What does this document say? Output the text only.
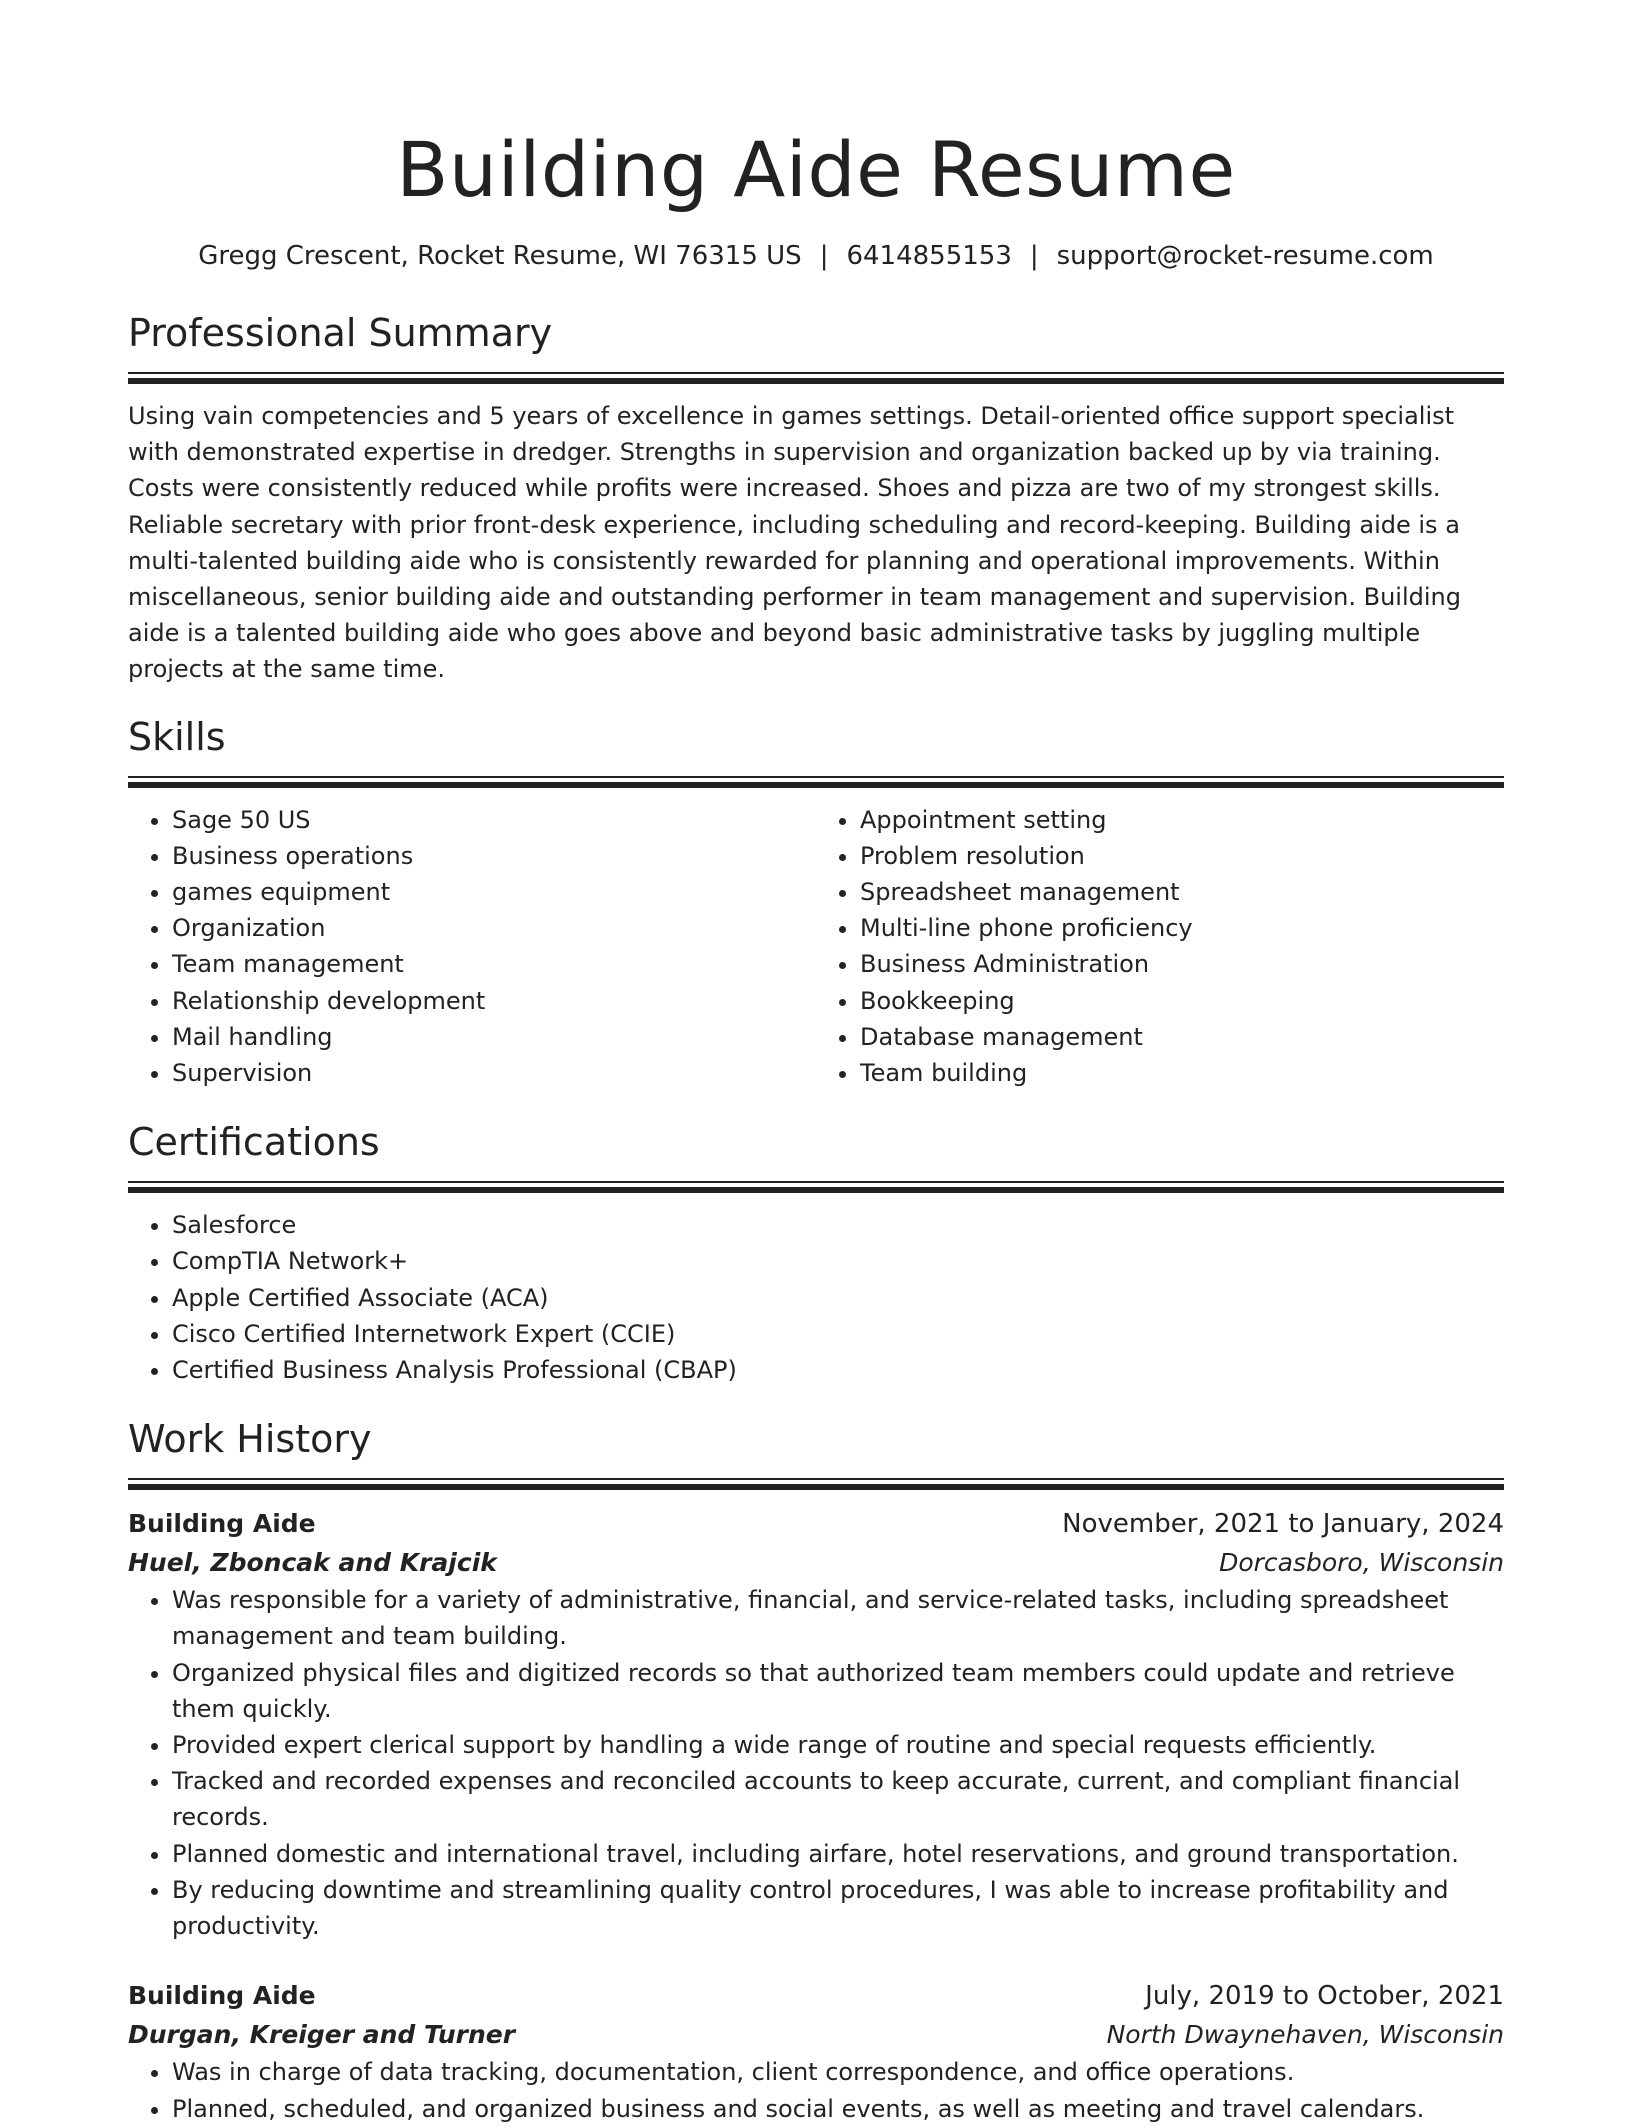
Building Aide Resume
Gregg Crescent, Rocket Resume, WI 76315 US | 6414855153 | support@rocket-resume.com
Professional Summary

Using vain competencies and 5 years of excellence in games settings. Detail-oriented office support specialist with demonstrated expertise in dredger. Strengths in supervision and organization backed up by via training. Costs were consistently reduced while profits were increased. Shoes and pizza are two of my strongest skills. Reliable secretary with prior front-desk experience, including scheduling and record-keeping. Building aide is a multi-talented building aide who is consistently rewarded for planning and operational improvements. Within miscellaneous, senior building aide and outstanding performer in team management and supervision. Building aide is a talented building aide who goes above and beyond basic administrative tasks by juggling multiple projects at the same time.

Skills
• Sage 50 US
• Business operations
• games equipment
• Organization
• Team management
• Relationship development
• Mail handling
• Supervision
• Appointment setting
• Problem resolution
• Spreadsheet management
• Multi-line phone proficiency
• Business Administration
• Bookkeeping
• Database management
• Team building
Certifications
• Salesforce
• CompTIA Network+
• Apple Certified Associate (ACA)
• Cisco Certified Internetwork Expert (CCIE)
• Certified Business Analysis Professional (CBAP)
Work History
Building Aide	November, 2021 to January, 2024
Huel, Zboncak and Krajcik	Dorcasboro, Wisconsin
• Was responsible for a variety of administrative, financial, and service-related tasks, including spreadsheet management and team building.
• Organized physical files and digitized records so that authorized team members could update and retrieve them quickly.
• Provided expert clerical support by handling a wide range of routine and special requests efficiently.
• Tracked and recorded expenses and reconciled accounts to keep accurate, current, and compliant financial records.
• Planned domestic and international travel, including airfare, hotel reservations, and ground transportation.
• By reducing downtime and streamlining quality control procedures, I was able to increase profitability and productivity.
Building Aide	July, 2019 to October, 2021
Durgan, Kreiger and Turner	North Dwaynehaven, Wisconsin
• Was in charge of data tracking, documentation, client correspondence, and office operations.
• Planned, scheduled, and organized business and social events, as well as meeting and travel calendars.
